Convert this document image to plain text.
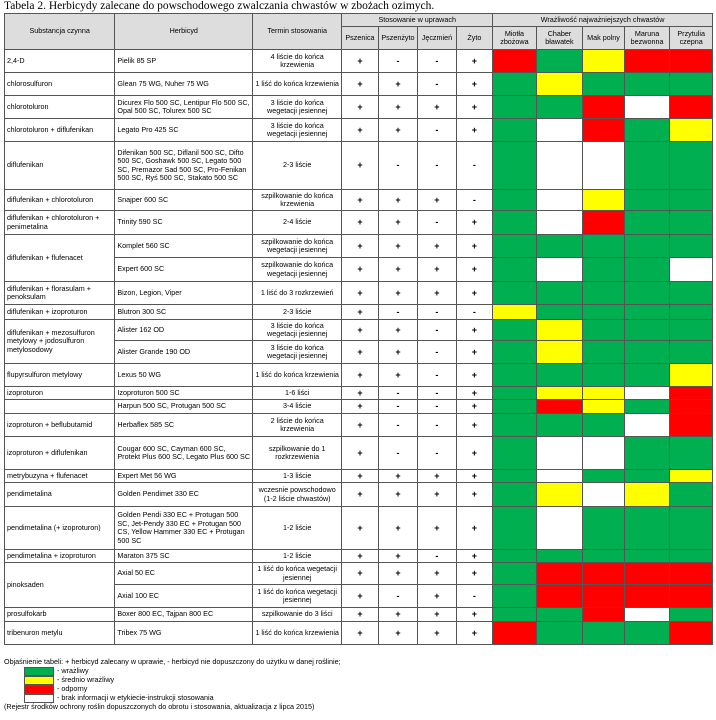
Tabela 2. Herbicydy zalecane do powschodowego zwalczania chwastów w zbożach ozimych.
Substancja czynna	Herbicyd	Termin stosowania	Stosowanie w uprawach				Wrażliwość najważniejszych chwastów				
			Pszenica	Pszenżyto	Jęczmień	Żyto	Miotła zbożowa	Chaber bławatek	Mak polny	Maruna bezwonna	Przytulia czepna
2,4-D	Pielik 85 SP	4 liście do końca krzewienia	+	-	-	+					
chlorosulfuron	Glean 75 WG, Nuher 75 WG	1 liść do końca krzewienia	+	+	-	+					
chlorotoluron	Dicurex Flo 500 SC, Lentipur Flo 500 SC, Opal 500 SC, Tolurex 500 SC	3 liście do końca wegetacji jesiennej	+	+	+	+					
chlorotoluron + diflufenikan	Legato Pro 425 SC	3 liście do końca wegetacji jesiennej	+	+	-	+					
diflufenikan	Difenikan 500 SC, Diflanil 500 SC, Difto 500 SC, Goshawk 500 SC, Legato 500 SC, Premazor Sad 500 SC, Pro-Fenikan 500 SC, Ryś 500 SC, Stakato 500 SC	2-3 liście	+	-	-	-					
diflufenikan + chlorotoluron	Snajper 600 SC	szpilkowanie do końca krzewienia	+	+	+	-					
diflufenikan + chlorotoluron + penimetalina	Trinity 590 SC	2-4 liście	+	+	-	+					
diflufenikan + flufenacet	Komplet 560 SC	szpilkowanie do końca wegetacji jesiennej	+	+	+	+					
	Expert 600 SC	szpilkowanie do końca wegetacji jesiennej	+	+	+	+					
diflufenikan + florasulam + penoksulam	Bizon, Legion, Viper	1 liść do 3 rozkrzewień	+	+	+	+					
diflufenikan + izoproturon	Blutron 300 SC	2-3 liście	+	-	-	-					
diflufenikan + mezosulfuron metylowy + jodosulfuron metylosodowy	Alister 162 OD	3 liście do końca wegetacji jesiennej	+	+	-	+					
	Alister Grande 190 OD	3 liście do końca wegetacji jesiennej	+	+	-	+					
flupyrsulfuron metylowy	Lexus 50 WG	1 liść do końca krzewienia	+	+	-	+					
izoproturon	Izoproturon 500 SC	1-6 liści	+	-	-	+					
	Harpun 500 SC, Protugan 500 SC	3-4 liście	+	-	-	+					
izoproturon + beflubutamid	Herbaflex 585 SC	2 liście do końca krzewienia	+	-	-	+					
izoproturon + diflufenikan	Cougar 600 SC, Cayman 600 SC, Protekt Plus 600 SC, Legato Plus 600 SC	szpilkowanie do 1 rozkrzewienia	+	-	-	+					
metrybuzyna + flufenacet	Expert Met 56 WG	1-3 liście	+	+	+	+					
pendimetalina	Golden Pendimet 330 EC	wczesnie powschodowo (1-2 liście chwastów)	+	+	+	+					
pendimetalina (+ izoproturon)	Golden Pendi 330 EC + Protugan 500 SC, Jet-Pendy 330 EC + Protugan 500 CS, Yellow Hammer 330 EC + Protugan 500 SC	1-2 liście	+	+	+	+					
pendimetalina + izoproturon	Maraton 375 SC	1-2 liście	+	+	-	+					
pinoksaden	Axial 50 EC	1 liść do końca wegetacji jesiennej	+	+	+	+					
	Axial 100 EC	1 liść do końca wegetacji jesiennej	+	-	+	-					
prosulfokarb	Boxer 800 EC, Tajpan 800 EC	szpilkowanie do 3 liści	+	+	+	+					
tribenuron metylu	Tribex 75 WG	1 liść do końca krzewienia	+	+	+	+					
Objaśnienie tabeli: + herbicyd zalecany w uprawie, - herbicyd nie dopuszczony do użytku w danej roślinie;
- wrażliwy
- średnio wrażliwy
- odporny
- brak informacji w etykiecie-instrukcji stosowania
(Rejestr środków ochrony roślin dopuszczonych do obrotu i stosowania, aktualizacja z lipca 2015)
